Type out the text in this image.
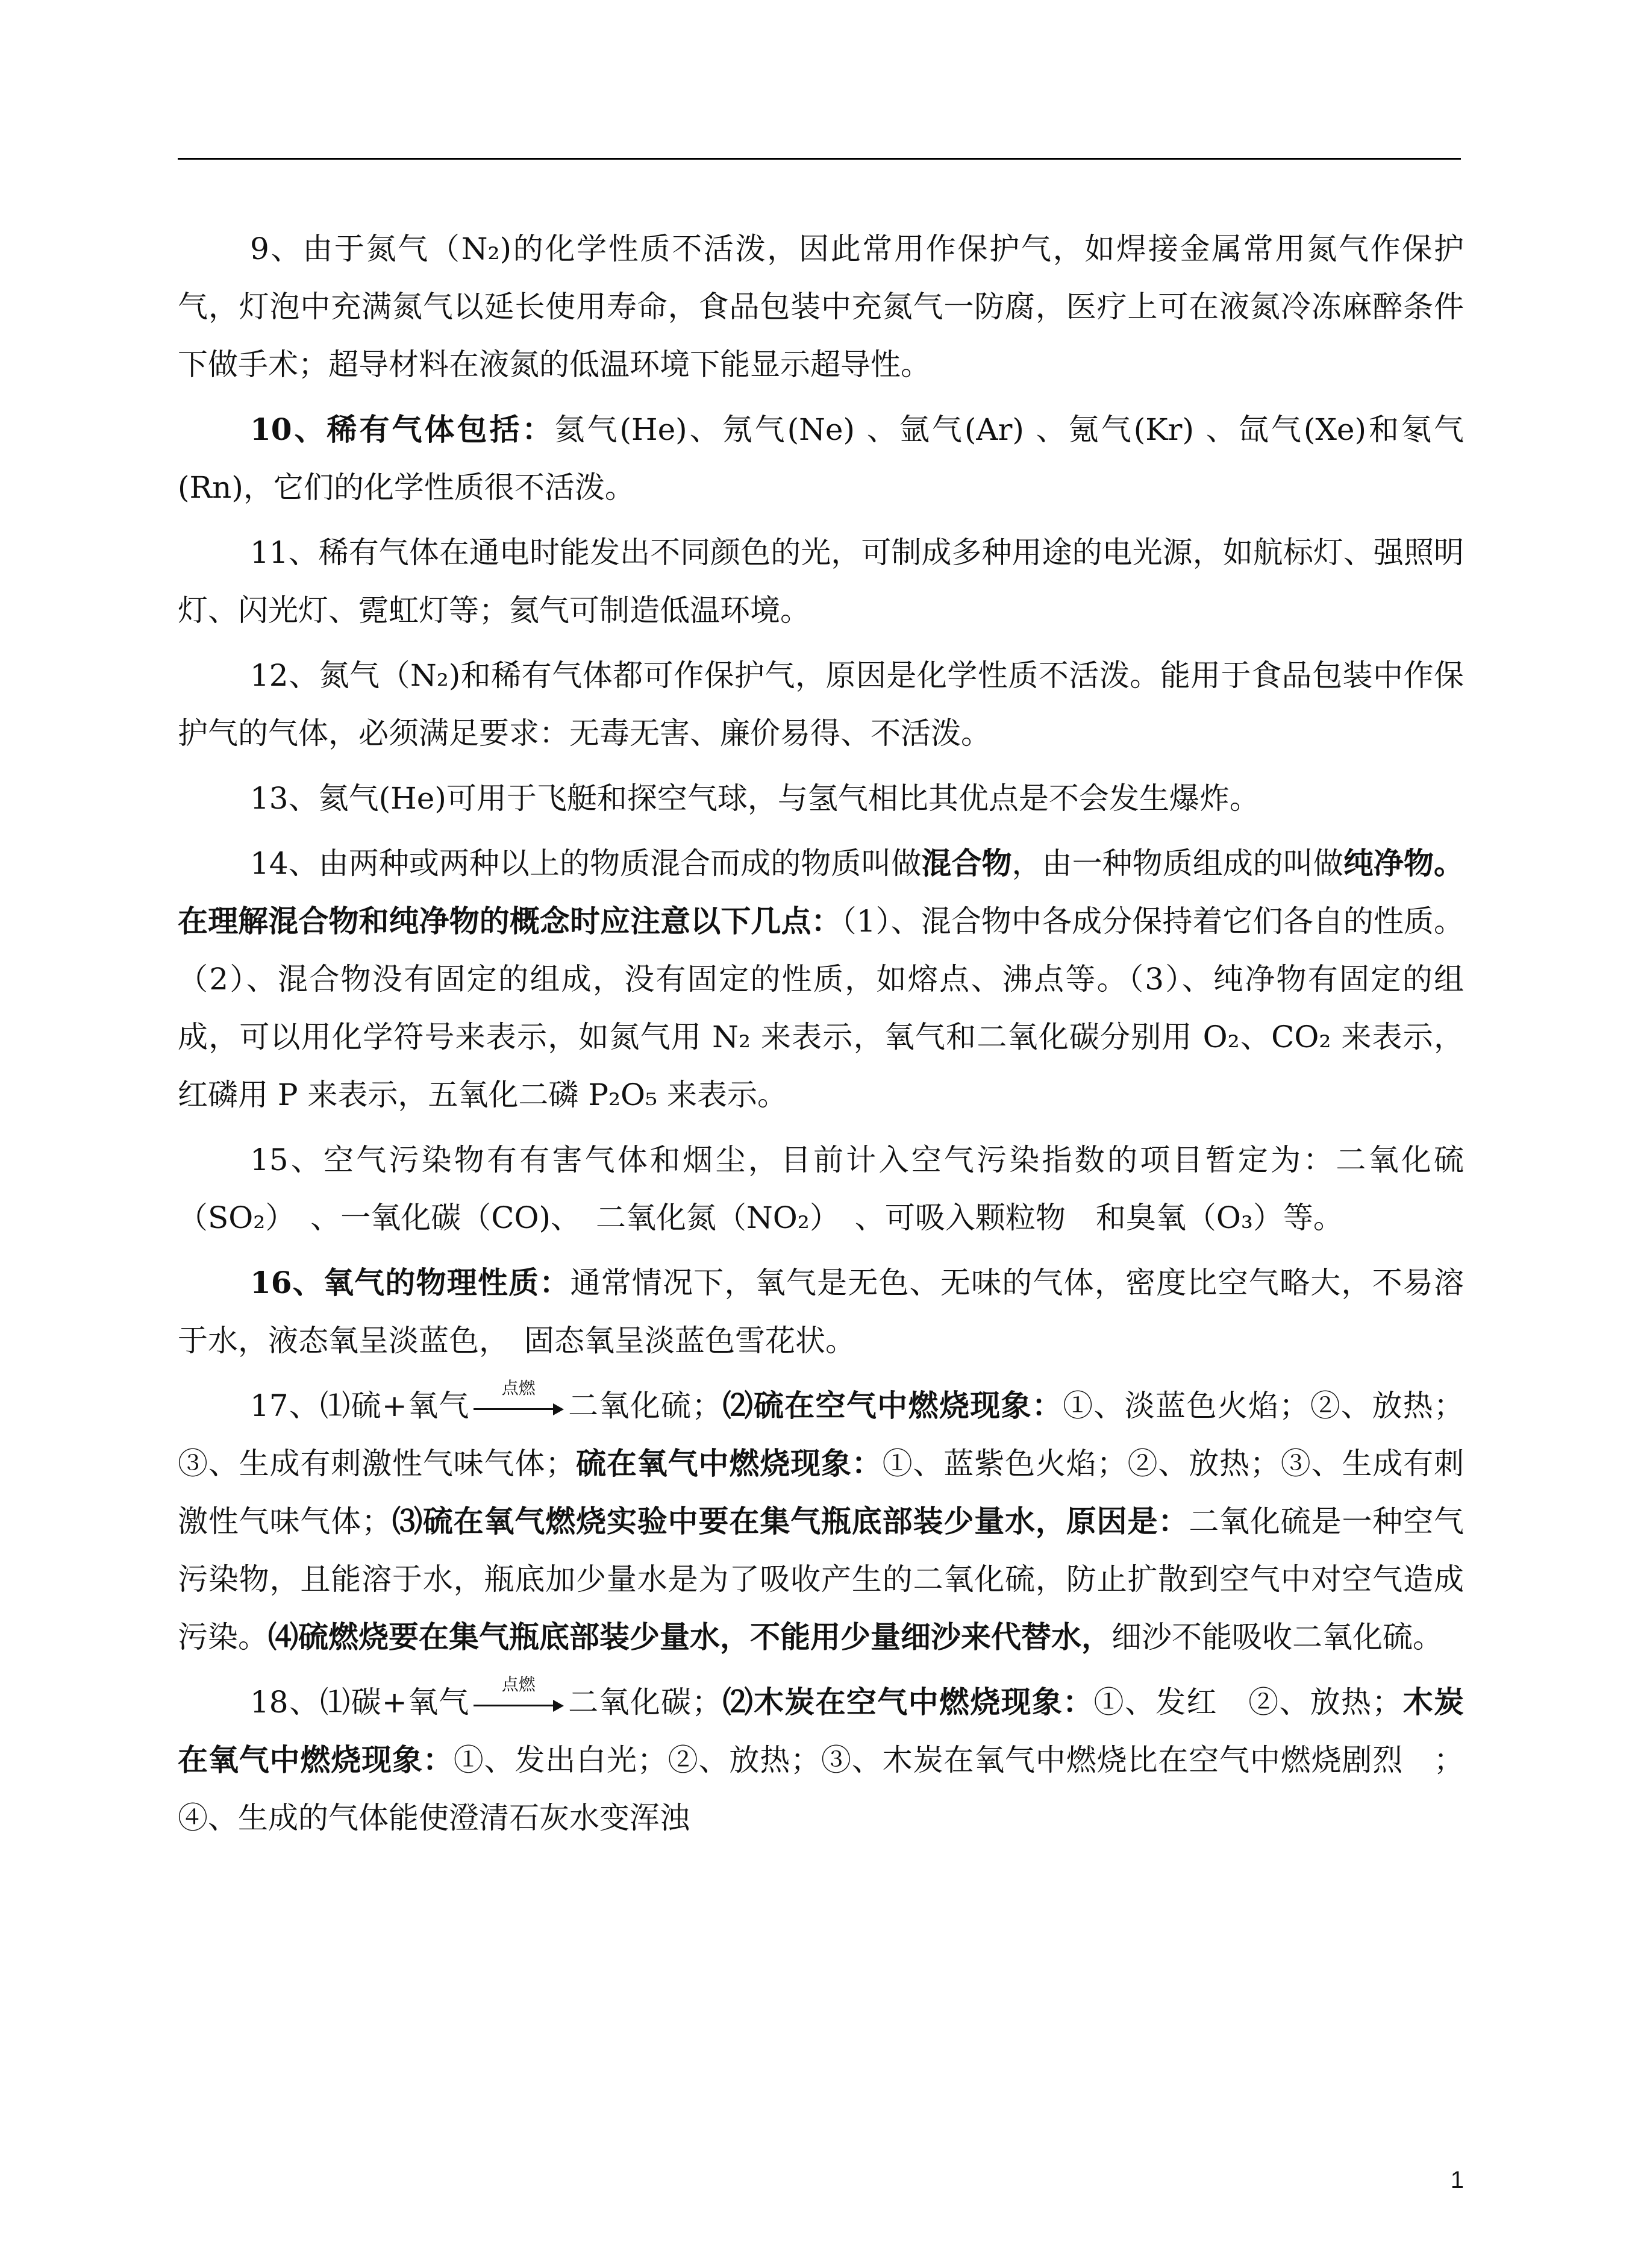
9、由于氮气（N₂)的化学性质不活泼，因此常用作保护气，如焊接金属常用氮气作保护气，灯泡中充满氮气以延长使用寿命，食品包装中充氮气一防腐，医疗上可在液氮冷冻麻醉条件下做手术；超导材料在液氮的低温环境下能显示超导性。

10、稀有气体包括：氦气(He)、氖气(Ne) 、氩气(Ar) 、氪气(Kr) 、氙气(Xe)和氡气(Rn)，它们的化学性质很不活泼。

11、稀有气体在通电时能发出不同颜色的光，可制成多种用途的电光源，如航标灯、强照明灯、闪光灯、霓虹灯等；氦气可制造低温环境。

12、氮气（N₂)和稀有气体都可作保护气，原因是化学性质不活泼。能用于食品包装中作保护气的气体，必须满足要求：无毒无害、廉价易得、不活泼。

13、氦气(He)可用于飞艇和探空气球，与氢气相比其优点是不会发生爆炸。

14、由两种或两种以上的物质混合而成的物质叫做混合物，由一种物质组成的叫做纯净物。在理解混合物和纯净物的概念时应注意以下几点：（1）、混合物中各成分保持着它们各自的性质。（2）、混合物没有固定的组成，没有固定的性质，如熔点、沸点等。（3）、纯净物有固定的组成，可以用化学符号来表示，如氮气用 N₂ 来表示，氧气和二氧化碳分别用 O₂、CO₂ 来表示，红磷用 P 来表示，五氧化二磷 P₂O₅ 来表示。

15、空气污染物有有害气体和烟尘，目前计入空气污染指数的项目暂定为：二氧化硫（SO₂）　、一氧化碳（CO)、　二氧化氮（NO₂）　、可吸入颗粒物　和臭氧（O₃）等。

16、氧气的物理性质：通常情况下，氧气是无色、无味的气体，密度比空气略大，不易溶于水，液态氧呈淡蓝色，　固态氧呈淡蓝色雪花状。

17、⑴硫+氧气
点燃
二氧化硫；⑵硫在空气中燃烧现象：①、淡蓝色火焰；②、放热；③、生成有刺激性气味气体；硫在氧气中燃烧现象：①、蓝紫色火焰；②、放热；③、生成有刺激性气味气体；⑶硫在氧气燃烧实验中要在集气瓶底部装少量水，原因是：二氧化硫是一种空气污染物，且能溶于水，瓶底加少量水是为了吸收产生的二氧化硫，防止扩散到空气中对空气造成污染。⑷硫燃烧要在集气瓶底部装少量水，不能用少量细沙来代替水，细沙不能吸收二氧化硫。

18、⑴碳+氧气
点燃
二氧化碳；⑵木炭在空气中燃烧现象：①、发红　②、放热；木炭在氧气中燃烧现象：①、发出白光；②、放热；③、木炭在氧气中燃烧比在空气中燃烧剧烈　；④、生成的气体能使澄清石灰水变浑浊

1
